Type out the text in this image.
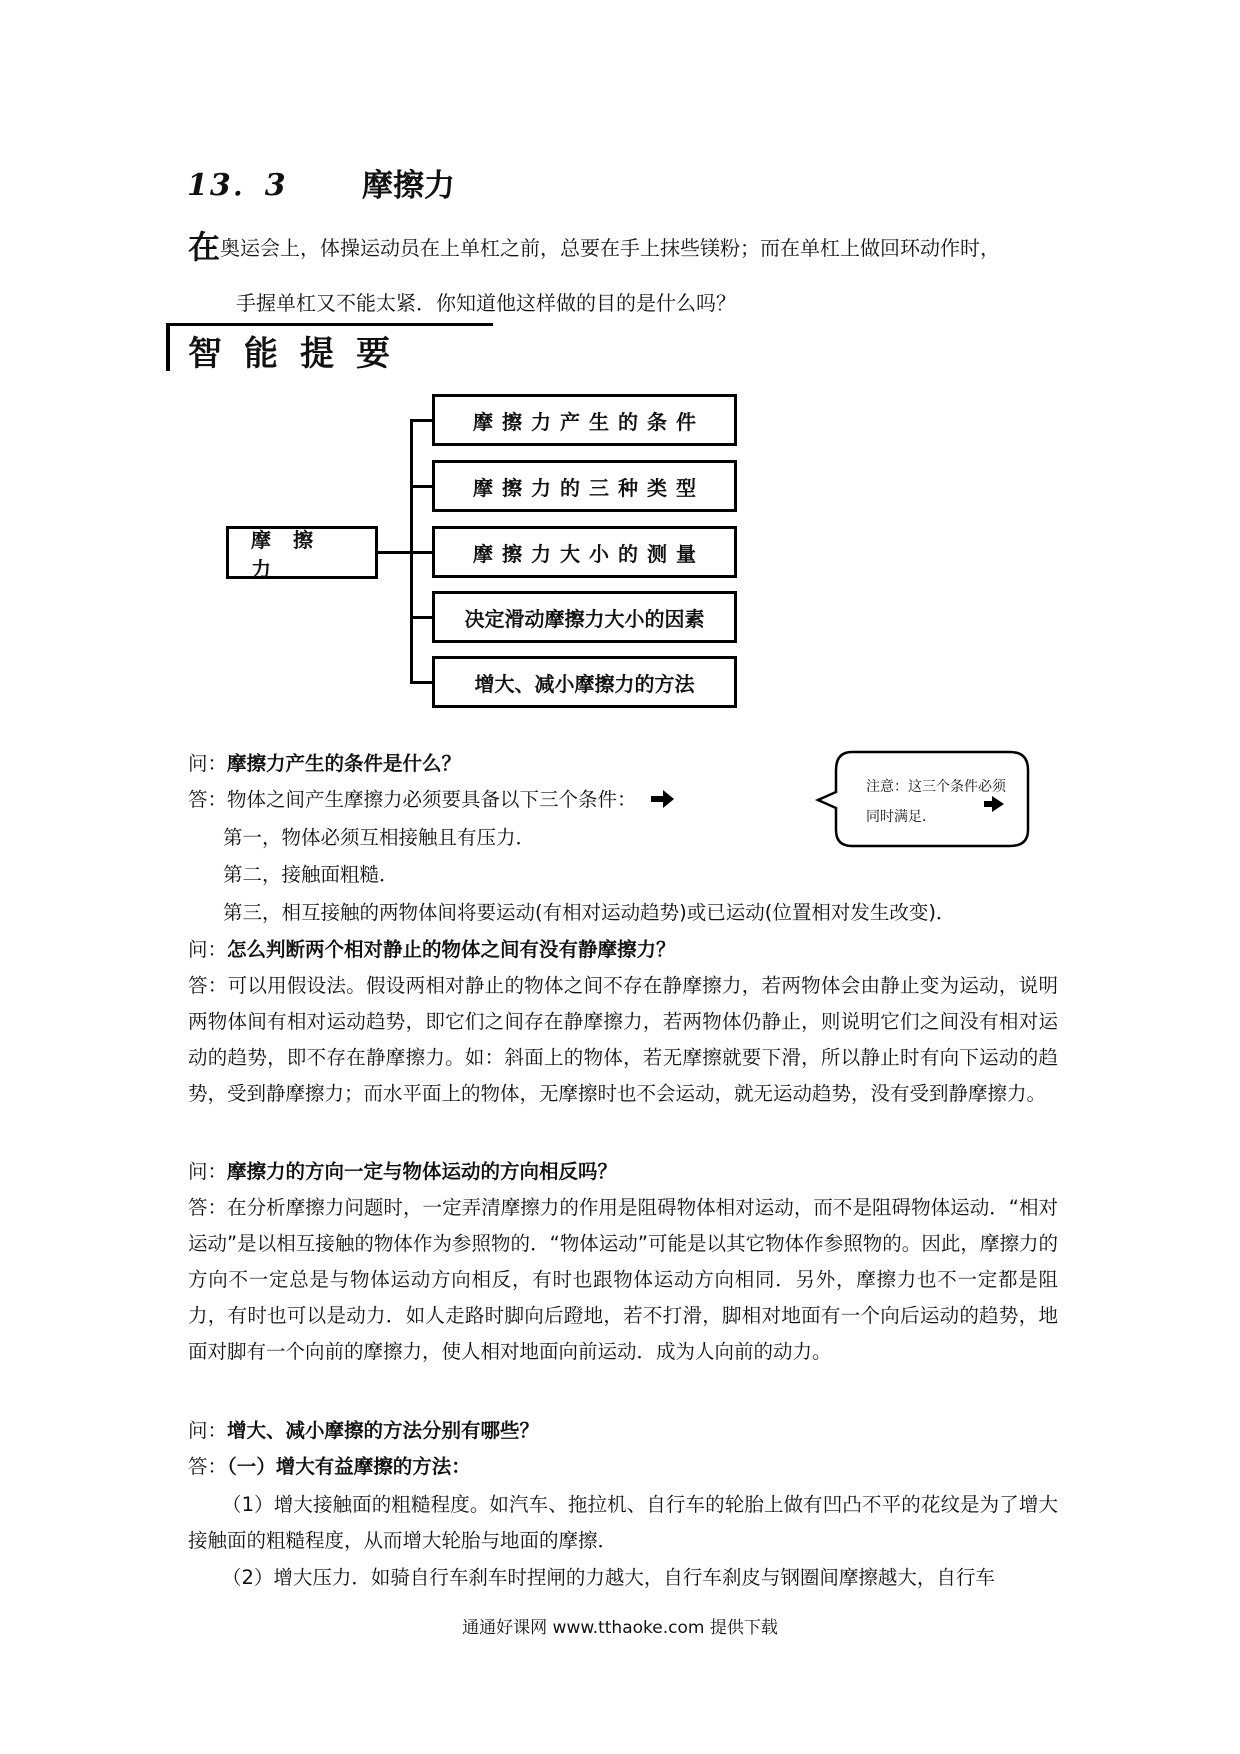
13．3 摩擦力
在奥运会上，体操运动员在上单杠之前，总要在手上抹些镁粉；而在单杠上做回环动作时，
手握单杠又不能太紧．你知道他这样做的目的是什么吗？
智能提要
摩擦力
摩擦力产生的条件
摩擦力的三种类型
摩擦力大小的测量
决定滑动摩擦力大小的因素
增大、减小摩擦力的方法
注意：这三个条件必须同时满足．
问：摩擦力产生的条件是什么？
答：物体之间产生摩擦力必须要具备以下三个条件：
第一，物体必须互相接触且有压力．
第二，接触面粗糙．
第三，相互接触的两物体间将要运动(有相对运动趋势)或已运动(位置相对发生改变)．
问：怎么判断两个相对静止的物体之间有没有静摩擦力？
答：可以用假设法。假设两相对静止的物体之间不存在静摩擦力，若两物体会由静止变为运动，说明两物体间有相对运动趋势，即它们之间存在静摩擦力，若两物体仍静止，则说明它们之间没有相对运动的趋势，即不存在静摩擦力。如：斜面上的物体，若无摩擦就要下滑，所以静止时有向下运动的趋势，受到静摩擦力；而水平面上的物体，无摩擦时也不会运动，就无运动趋势，没有受到静摩擦力。
问：摩擦力的方向一定与物体运动的方向相反吗？
答：在分析摩擦力问题时，一定弄清摩擦力的作用是阻碍物体相对运动，而不是阻碍物体运动．“相对运动”是以相互接触的物体作为参照物的．“物体运动”可能是以其它物体作参照物的。因此，摩擦力的方向不一定总是与物体运动方向相反，有时也跟物体运动方向相同．另外，摩擦力也不一定都是阻力，有时也可以是动力．如人走路时脚向后蹬地，若不打滑，脚相对地面有一个向后运动的趋势，地面对脚有一个向前的摩擦力，使人相对地面向前运动．成为人向前的动力。
问：增大、减小摩擦的方法分别有哪些？
答：（一）增大有益摩擦的方法：
（1）增大接触面的粗糙程度。如汽车、拖拉机、自行车的轮胎上做有凹凸不平的花纹是为了增大接触面的粗糙程度，从而增大轮胎与地面的摩擦．
（2）增大压力．如骑自行车刹车时捏闸的力越大，自行车刹皮与钢圈间摩擦越大，自行车
通通好课网 www.tthaoke.com 提供下载
